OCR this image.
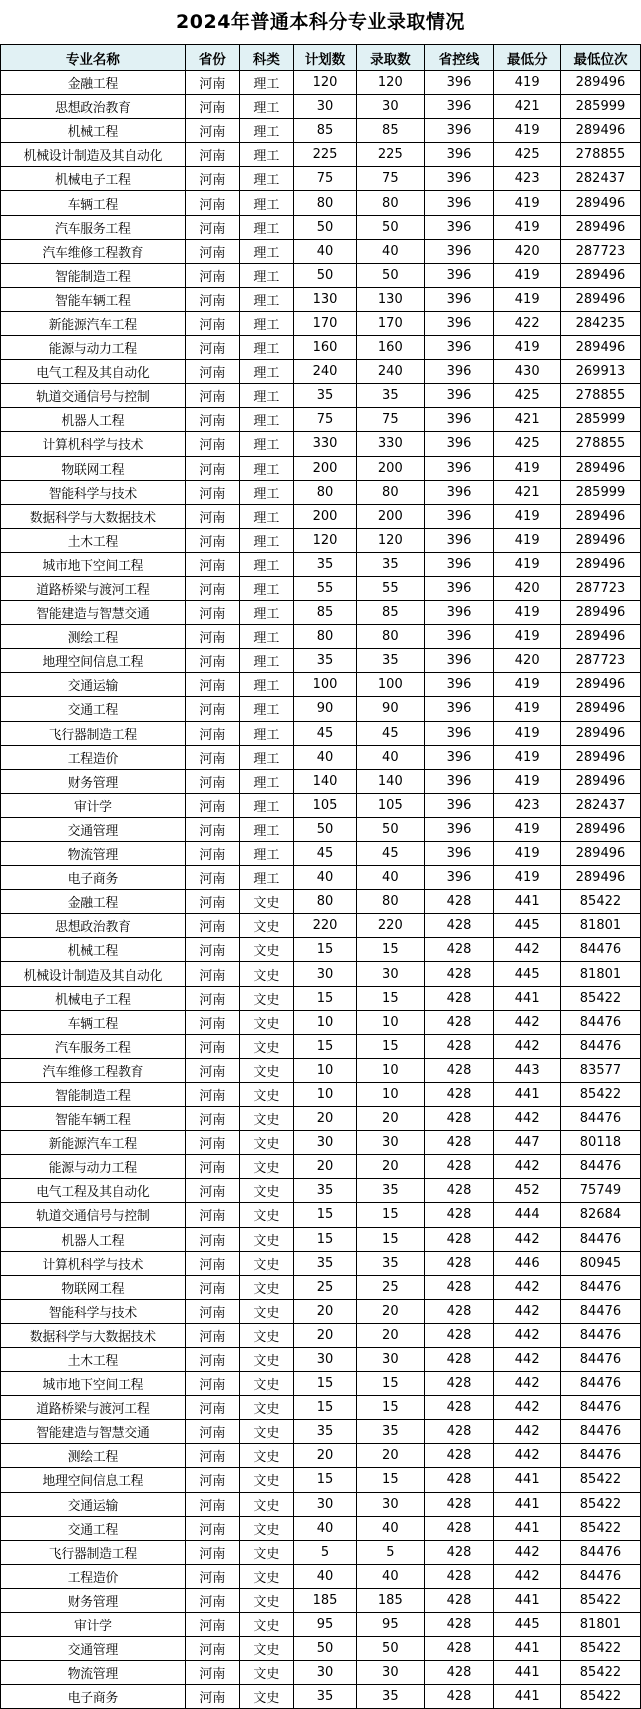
2024年普通本科分专业录取情况
专业名称	省份	科类	计划数	录取数	省控线	最低分	最低位次
金融工程	河南	理工	120	120	396	419	289496
思想政治教育	河南	理工	30	30	396	421	285999
机械工程	河南	理工	85	85	396	419	289496
机械设计制造及其自动化	河南	理工	225	225	396	425	278855
机械电子工程	河南	理工	75	75	396	423	282437
车辆工程	河南	理工	80	80	396	419	289496
汽车服务工程	河南	理工	50	50	396	419	289496
汽车维修工程教育	河南	理工	40	40	396	420	287723
智能制造工程	河南	理工	50	50	396	419	289496
智能车辆工程	河南	理工	130	130	396	419	289496
新能源汽车工程	河南	理工	170	170	396	422	284235
能源与动力工程	河南	理工	160	160	396	419	289496
电气工程及其自动化	河南	理工	240	240	396	430	269913
轨道交通信号与控制	河南	理工	35	35	396	425	278855
机器人工程	河南	理工	75	75	396	421	285999
计算机科学与技术	河南	理工	330	330	396	425	278855
物联网工程	河南	理工	200	200	396	419	289496
智能科学与技术	河南	理工	80	80	396	421	285999
数据科学与大数据技术	河南	理工	200	200	396	419	289496
土木工程	河南	理工	120	120	396	419	289496
城市地下空间工程	河南	理工	35	35	396	419	289496
道路桥梁与渡河工程	河南	理工	55	55	396	420	287723
智能建造与智慧交通	河南	理工	85	85	396	419	289496
测绘工程	河南	理工	80	80	396	419	289496
地理空间信息工程	河南	理工	35	35	396	420	287723
交通运输	河南	理工	100	100	396	419	289496
交通工程	河南	理工	90	90	396	419	289496
飞行器制造工程	河南	理工	45	45	396	419	289496
工程造价	河南	理工	40	40	396	419	289496
财务管理	河南	理工	140	140	396	419	289496
审计学	河南	理工	105	105	396	423	282437
交通管理	河南	理工	50	50	396	419	289496
物流管理	河南	理工	45	45	396	419	289496
电子商务	河南	理工	40	40	396	419	289496
金融工程	河南	文史	80	80	428	441	85422
思想政治教育	河南	文史	220	220	428	445	81801
机械工程	河南	文史	15	15	428	442	84476
机械设计制造及其自动化	河南	文史	30	30	428	445	81801
机械电子工程	河南	文史	15	15	428	441	85422
车辆工程	河南	文史	10	10	428	442	84476
汽车服务工程	河南	文史	15	15	428	442	84476
汽车维修工程教育	河南	文史	10	10	428	443	83577
智能制造工程	河南	文史	10	10	428	441	85422
智能车辆工程	河南	文史	20	20	428	442	84476
新能源汽车工程	河南	文史	30	30	428	447	80118
能源与动力工程	河南	文史	20	20	428	442	84476
电气工程及其自动化	河南	文史	35	35	428	452	75749
轨道交通信号与控制	河南	文史	15	15	428	444	82684
机器人工程	河南	文史	15	15	428	442	84476
计算机科学与技术	河南	文史	35	35	428	446	80945
物联网工程	河南	文史	25	25	428	442	84476
智能科学与技术	河南	文史	20	20	428	442	84476
数据科学与大数据技术	河南	文史	20	20	428	442	84476
土木工程	河南	文史	30	30	428	442	84476
城市地下空间工程	河南	文史	15	15	428	442	84476
道路桥梁与渡河工程	河南	文史	15	15	428	442	84476
智能建造与智慧交通	河南	文史	35	35	428	442	84476
测绘工程	河南	文史	20	20	428	442	84476
地理空间信息工程	河南	文史	15	15	428	441	85422
交通运输	河南	文史	30	30	428	441	85422
交通工程	河南	文史	40	40	428	441	85422
飞行器制造工程	河南	文史	5	5	428	442	84476
工程造价	河南	文史	40	40	428	442	84476
财务管理	河南	文史	185	185	428	441	85422
审计学	河南	文史	95	95	428	445	81801
交通管理	河南	文史	50	50	428	441	85422
物流管理	河南	文史	30	30	428	441	85422
电子商务	河南	文史	35	35	428	441	85422
